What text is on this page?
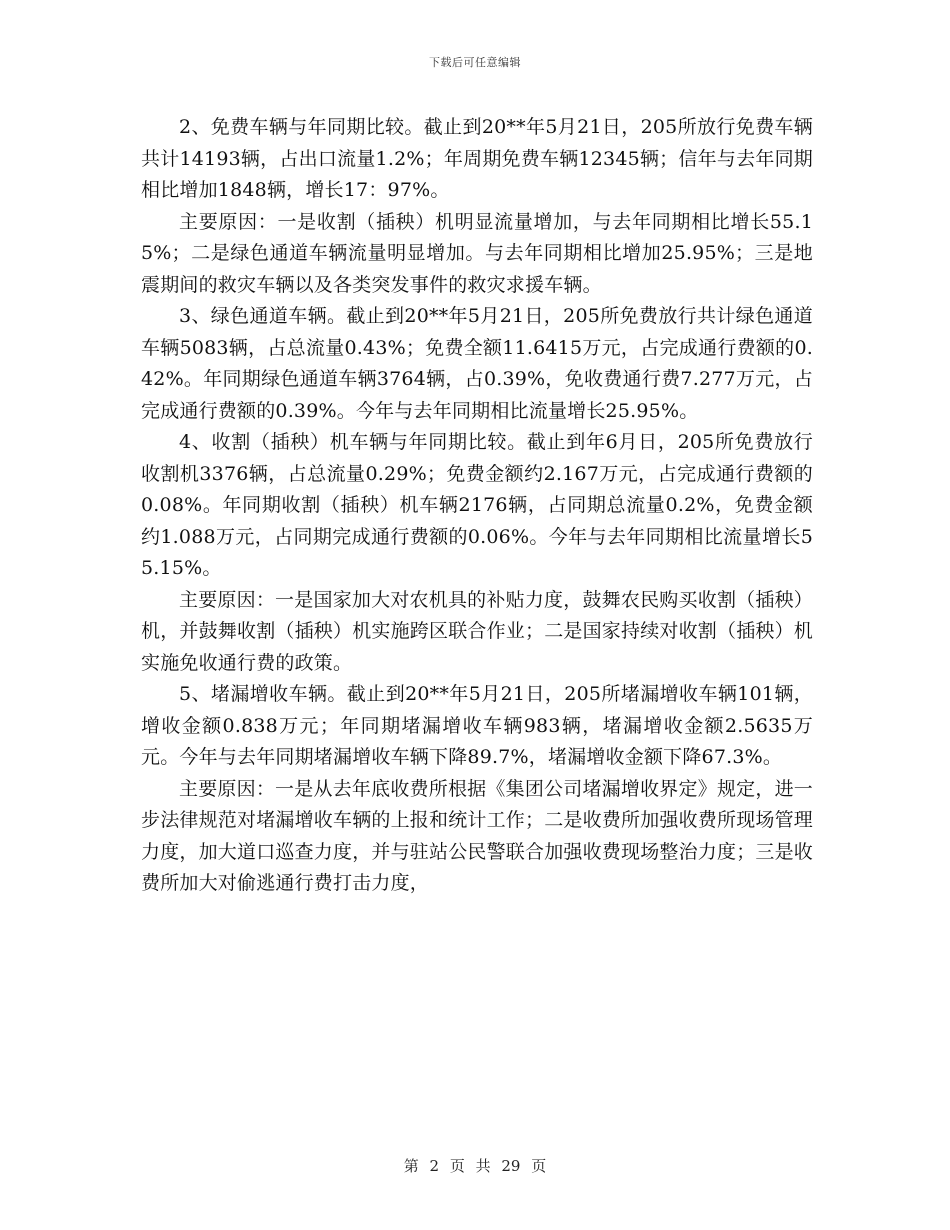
下载后可任意编辑

2、免费车辆与年同期比较。截止到20**年5月21日，205所放行免费车辆共计14193辆，占出口流量1.2%；年周期免费车辆12345辆；信年与去年同期相比增加1848辆，增长17：97%。

主要原因：一是收割（插秧）机明显流量增加，与去年同期相比增长55.15%；二是绿色通道车辆流量明显增加。与去年同期相比增加25.95%；三是地震期间的救灾车辆以及各类突发事件的救灾求援车辆。

3、绿色通道车辆。截止到20**年5月21日，205所免费放行共计绿色通道车辆5083辆，占总流量0.43%；免费全额11.6415万元，占完成通行费额的0.42%。年同期绿色通道车辆3764辆，占0.39%，免收费通行费7.277万元，占完成通行费额的0.39%。今年与去年同期相比流量增长25.95%。

4、收割（插秧）机车辆与年同期比较。截止到年6月日，205所免费放行收割机3376辆，占总流量0.29%；免费金额约2.167万元，占完成通行费额的0.08%。年同期收割（插秧）机车辆2176辆，占同期总流量0.2%，免费金额约1.088万元，占同期完成通行费额的0.06%。今年与去年同期相比流量增长55.15%。

主要原因：一是国家加大对农机具的补贴力度，鼓舞农民购买收割（插秧）机，并鼓舞收割（插秧）机实施跨区联合作业；二是国家持续对收割（插秧）机实施免收通行费的政策。

5、堵漏增收车辆。截止到20**年5月21日，205所堵漏增收车辆101辆，增收金额0.838万元；年同期堵漏增收车辆983辆，堵漏增收金额2.5635万元。今年与去年同期堵漏增收车辆下降89.7%，堵漏增收金额下降67.3%。

主要原因：一是从去年底收费所根据《集团公司堵漏增收界定》规定，进一步法律规范对堵漏增收车辆的上报和统计工作；二是收费所加强收费所现场管理力度，加大道口巡查力度，并与驻站公民警联合加强收费现场整治力度；三是收费所加大对偷逃通行费打击力度，

第 2 页 共 29 页
